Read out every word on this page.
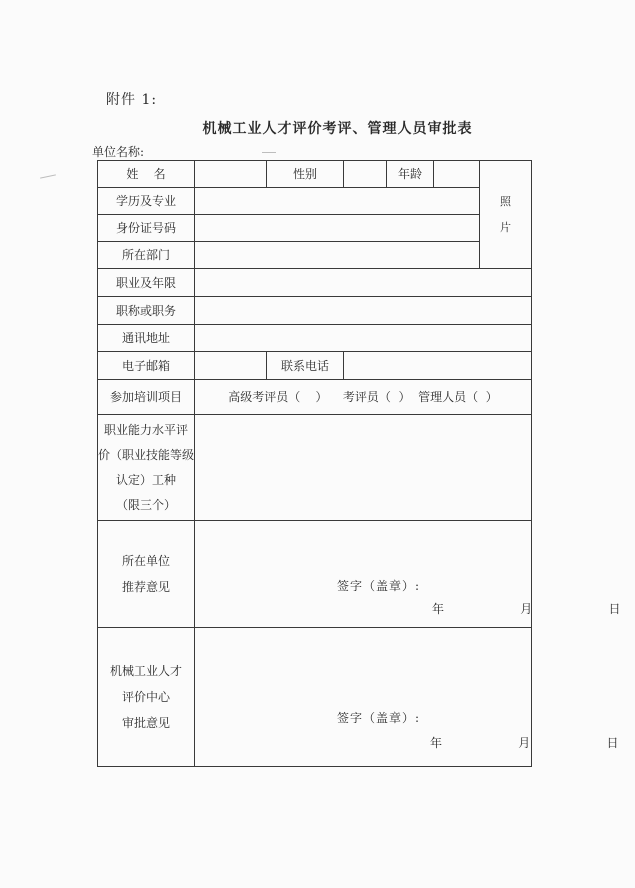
附件 1:
机械工业人才评价考评、管理人员审批表
单位名称:
姓    名	性别	年龄
照
片
学历及专业
身份证号码
所在部门
职业及年限
职称或职务
通讯地址
电子邮箱	联系电话
参加培训项目	高级考评员（    ）    考评员（  ）  管理人员（  ）
职业能力水平评
价（职业技能等级
认定）工种
（限三个）
所在单位
推荐意见	签字（盖章）:
年    月    日
机械工业人才
评价中心
审批意见	签字（盖章）:
年    月    日
